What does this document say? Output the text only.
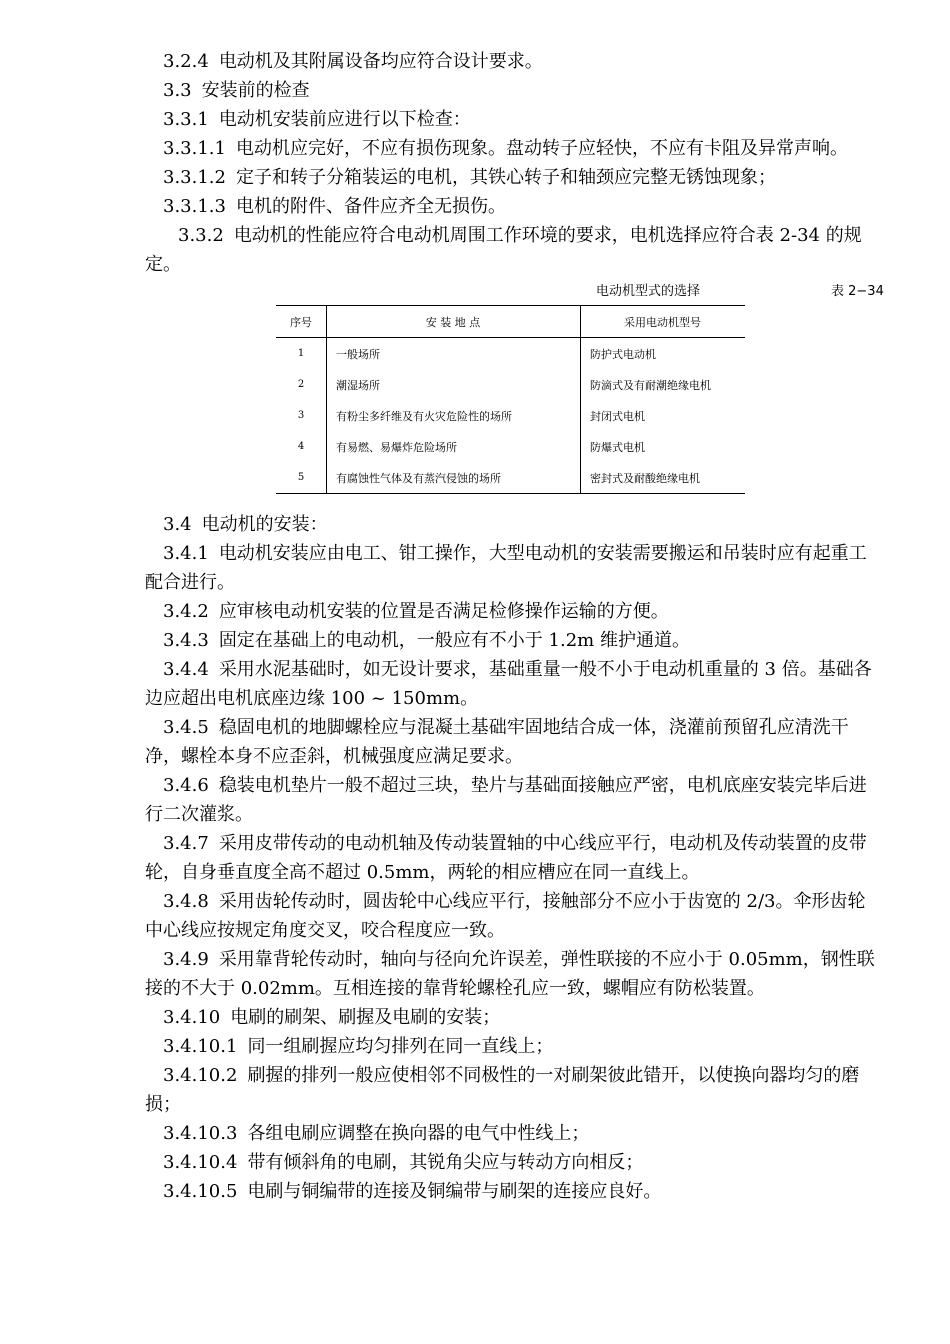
3.2.4 电动机及其附属设备均应符合设计要求。
3.3 安装前的检查
3.3.1 电动机安装前应进行以下检查：
3.3.1.1 电动机应完好，不应有损伤现象。盘动转子应轻快，不应有卡阻及异常声响。
3.3.1.2 定子和转子分箱装运的电机，其铁心转子和轴颈应完整无锈蚀现象；
3.3.1.3 电机的附件、备件应齐全无损伤。
3.3.2 电动机的性能应符合电动机周围工作环境的要求，电机选择应符合表 2-34 的规定。
电动机型式的选择	表 2−34
序号	安 装 地 点	采用电动机型号
1	一般场所	防护式电动机
2	潮湿场所	防滴式及有耐潮绝缘电机
3	有粉尘多纤维及有火灾危险性的场所	封闭式电机
4	有易燃、易爆炸危险场所	防爆式电机
5	有腐蚀性气体及有蒸汽侵蚀的场所	密封式及耐酸绝缘电机
3.4 电动机的安装：
3.4.1 电动机安装应由电工、钳工操作，大型电动机的安装需要搬运和吊装时应有起重工配合进行。
3.4.2 应审核电动机安装的位置是否满足检修操作运输的方便。
3.4.3 固定在基础上的电动机，一般应有不小于 1.2m 维护通道。
3.4.4 采用水泥基础时，如无设计要求，基础重量一般不小于电动机重量的 3 倍。基础各边应超出电机底座边缘 100 ~ 150mm。
3.4.5 稳固电机的地脚螺栓应与混凝土基础牢固地结合成一体，浇灌前预留孔应清洗干净，螺栓本身不应歪斜，机械强度应满足要求。
3.4.6 稳装电机垫片一般不超过三块，垫片与基础面接触应严密，电机底座安装完毕后进行二次灌浆。
3.4.7 采用皮带传动的电动机轴及传动装置轴的中心线应平行，电动机及传动装置的皮带轮，自身垂直度全高不超过 0.5mm，两轮的相应槽应在同一直线上。
3.4.8 采用齿轮传动时，圆齿轮中心线应平行，接触部分不应小于齿宽的 2/3。伞形齿轮中心线应按规定角度交叉，咬合程度应一致。
3.4.9 采用靠背轮传动时，轴向与径向允许误差，弹性联接的不应小于 0.05mm，钢性联接的不大于 0.02mm。互相连接的靠背轮螺栓孔应一致，螺帽应有防松装置。
3.4.10 电刷的刷架、刷握及电刷的安装；
3.4.10.1 同一组刷握应均匀排列在同一直线上；
3.4.10.2 刷握的排列一般应使相邻不同极性的一对刷架彼此错开，以使换向器均匀的磨损；
3.4.10.3 各组电刷应调整在换向器的电气中性线上；
3.4.10.4 带有倾斜角的电刷，其锐角尖应与转动方向相反；
3.4.10.5 电刷与铜编带的连接及铜编带与刷架的连接应良好。
